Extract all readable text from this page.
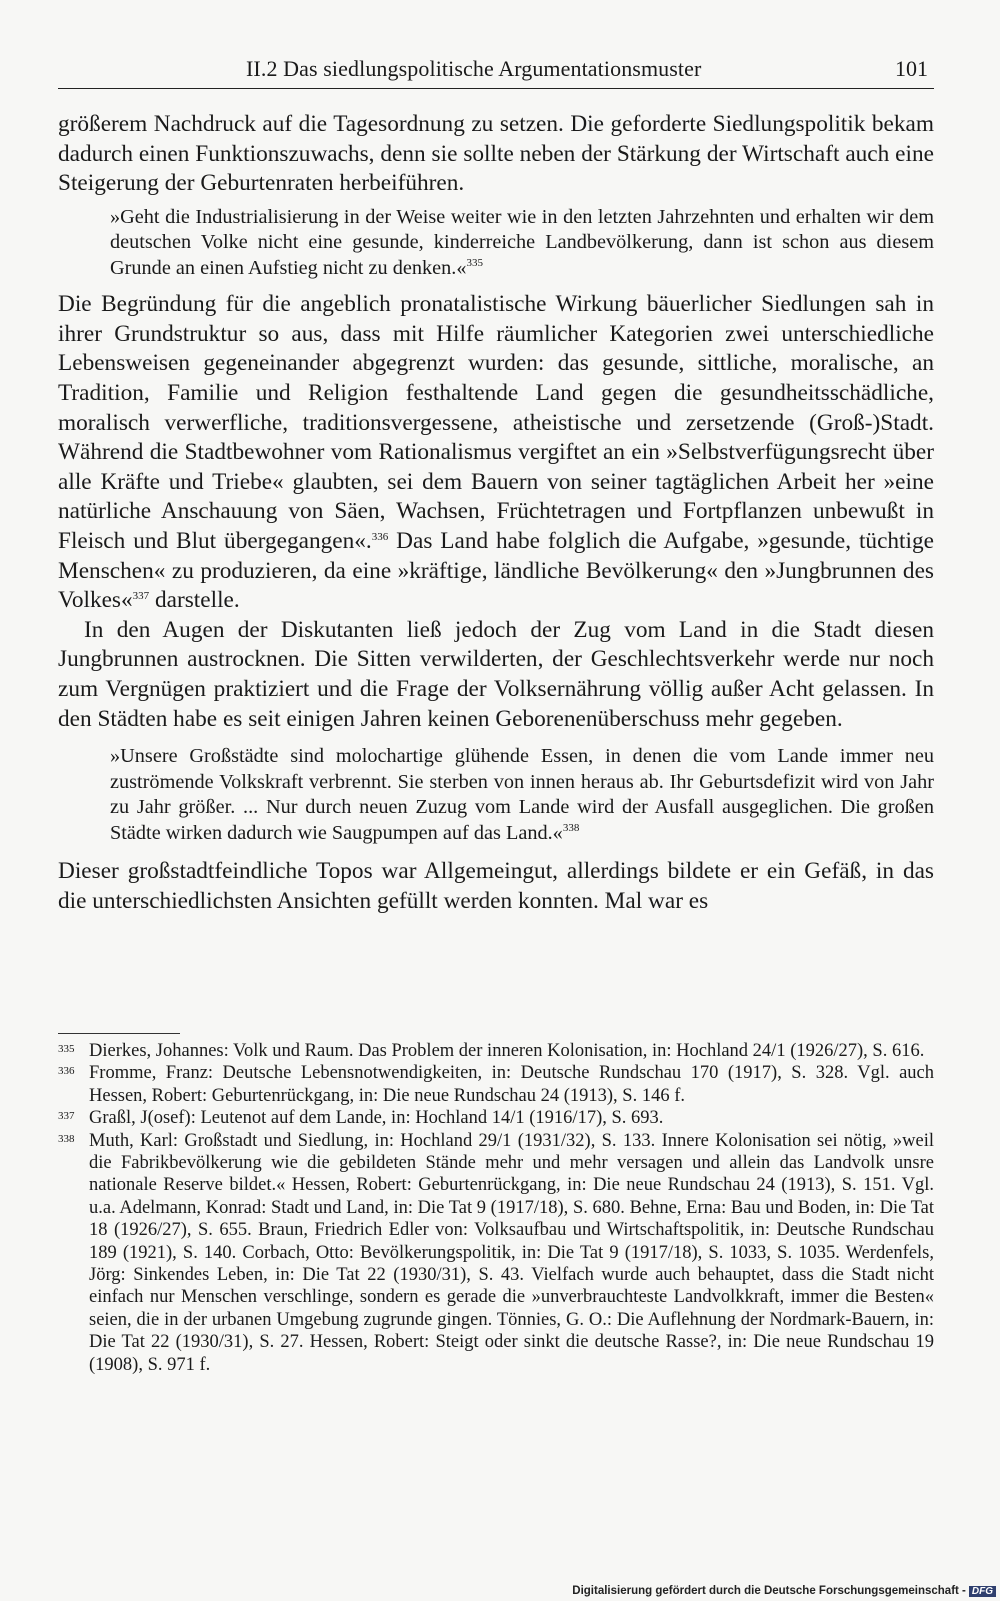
II.2 Das siedlungspolitische Argumentationsmuster	101

größerem Nachdruck auf die Tagesordnung zu setzen. Die geforderte Siedlungspolitik bekam dadurch einen Funktionszuwachs, denn sie sollte neben der Stärkung der Wirtschaft auch eine Steigerung der Geburtenraten herbeiführen.

»Geht die Industrialisierung in der Weise weiter wie in den letzten Jahrzehnten und erhalten wir dem deutschen Volke nicht eine gesunde, kinderreiche Landbevölkerung, dann ist schon aus diesem Grunde an einen Aufstieg nicht zu denken.«$^{335}$

Die Begründung für die angeblich pronatalistische Wirkung bäuerlicher Siedlungen sah in ihrer Grundstruktur so aus, dass mit Hilfe räumlicher Kategorien zwei unterschiedliche Lebensweisen gegeneinander abgegrenzt wurden: das gesunde, sittliche, moralische, an Tradition, Familie und Religion festhaltende Land gegen die gesundheitsschädliche, moralisch verwerfliche, traditionsvergessene, atheistische und zersetzende (Groß-)Stadt. Während die Stadtbewohner vom Rationalismus vergiftet an ein »Selbstverfügungsrecht über alle Kräfte und Triebe« glaubten, sei dem Bauern von seiner tagtäglichen Arbeit her »eine natürliche Anschauung von Säen, Wachsen, Früchtetragen und Fortpflanzen unbewußt in Fleisch und Blut übergegangen«.$^{336}$ Das Land habe folglich die Aufgabe, »gesunde, tüchtige Menschen« zu produzieren, da eine »kräftige, ländliche Bevölkerung« den »Jungbrunnen des Volkes«$^{337}$ darstelle.

In den Augen der Diskutanten ließ jedoch der Zug vom Land in die Stadt diesen Jungbrunnen austrocknen. Die Sitten verwilderten, der Geschlechtsverkehr werde nur noch zum Vergnügen praktiziert und die Frage der Volksernährung völlig außer Acht gelassen. In den Städten habe es seit einigen Jahren keinen Geborenenüberschuss mehr gegeben.

»Unsere Großstädte sind molochartige glühende Essen, in denen die vom Lande immer neu zuströmende Volkskraft verbrennt. Sie sterben von innen heraus ab. Ihr Geburtsdefizit wird von Jahr zu Jahr größer. ... Nur durch neuen Zuzug vom Lande wird der Ausfall ausgeglichen. Die großen Städte wirken dadurch wie Saugpumpen auf das Land.«$^{338}$

Dieser großstadtfeindliche Topos war Allgemeingut, allerdings bildete er ein Gefäß, in das die unterschiedlichsten Ansichten gefüllt werden konnten. Mal war es

335 Dierkes, Johannes: Volk und Raum. Das Problem der inneren Kolonisation, in: Hochland 24/1 (1926/27), S. 616.

336 Fromme, Franz: Deutsche Lebensnotwendigkeiten, in: Deutsche Rundschau 170 (1917), S. 328. Vgl. auch Hessen, Robert: Geburtenrückgang, in: Die neue Rundschau 24 (1913), S. 146 f.

337 Graßl, J(osef): Leutenot auf dem Lande, in: Hochland 14/1 (1916/17), S. 693.

338 Muth, Karl: Großstadt und Siedlung, in: Hochland 29/1 (1931/32), S. 133. Innere Kolonisation sei nötig, »weil die Fabrikbevölkerung wie die gebildeten Stände mehr und mehr versagen und allein das Landvolk unsre nationale Reserve bildet.« Hessen, Robert: Geburtenrückgang, in: Die neue Rundschau 24 (1913), S. 151. Vgl. u.a. Adelmann, Konrad: Stadt und Land, in: Die Tat 9 (1917/18), S. 680. Behne, Erna: Bau und Boden, in: Die Tat 18 (1926/27), S. 655. Braun, Friedrich Edler von: Volksaufbau und Wirtschaftspolitik, in: Deutsche Rundschau 189 (1921), S. 140. Corbach, Otto: Bevölkerungspolitik, in: Die Tat 9 (1917/18), S. 1033, S. 1035. Werdenfels, Jörg: Sinkendes Leben, in: Die Tat 22 (1930/31), S. 43. Vielfach wurde auch behauptet, dass die Stadt nicht einfach nur Menschen verschlinge, sondern es gerade die »unverbrauchteste Landvolkkraft, immer die Besten« seien, die in der urbanen Umgebung zugrunde gingen. Tönnies, G. O.: Die Auflehnung der Nordmark-Bauern, in: Die Tat 22 (1930/31), S. 27. Hessen, Robert: Steigt oder sinkt die deutsche Rasse?, in: Die neue Rundschau 19 (1908), S. 971 f.

Digitalisierung gefördert durch die Deutsche Forschungsgemeinschaft - DFG
